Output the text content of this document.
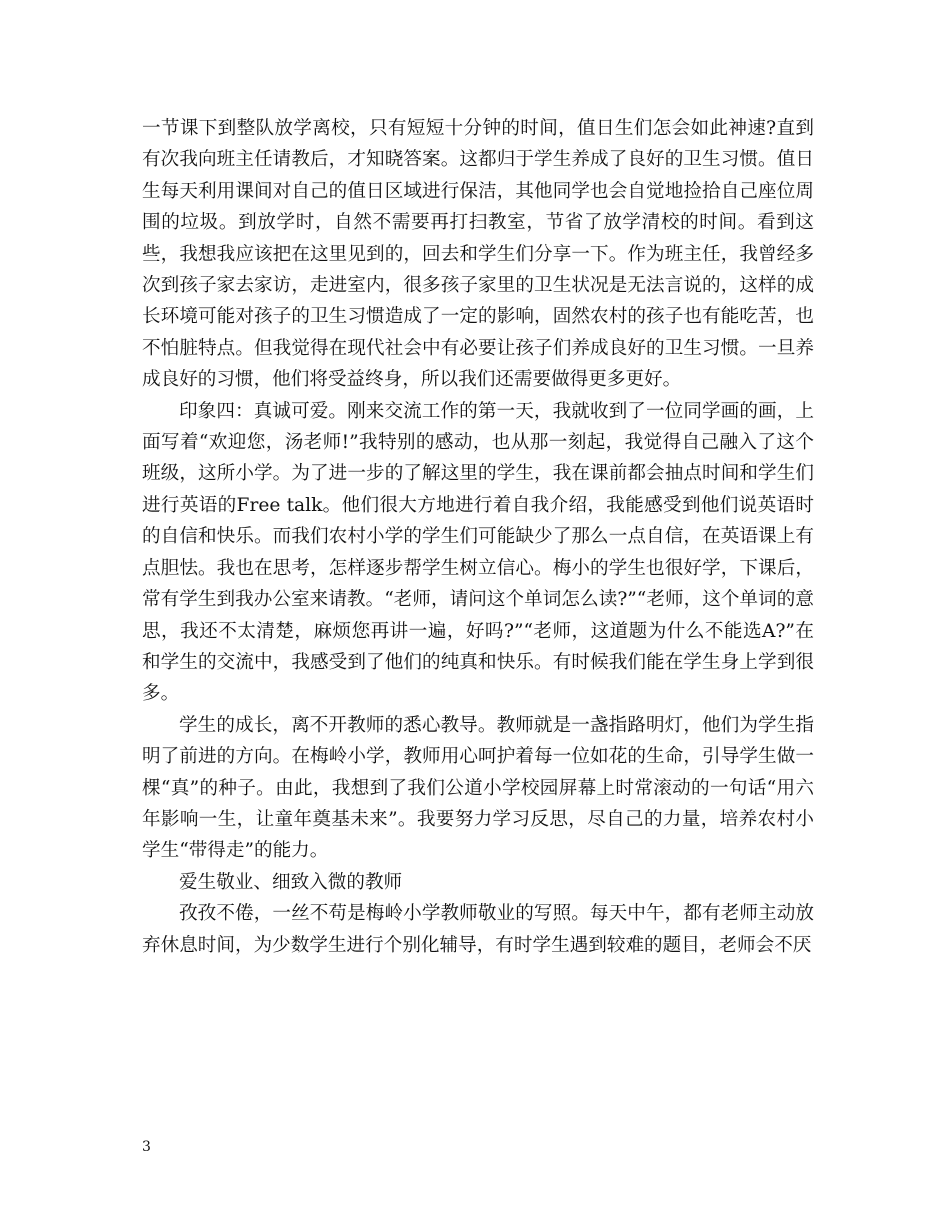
一节课下到整队放学离校，只有短短十分钟的时间，值日生们怎会如此神速?直到有次我向班主任请教后，才知晓答案。这都归于学生养成了良好的卫生习惯。值日生每天利用课间对自己的值日区域进行保洁，其他同学也会自觉地捡拾自己座位周围的垃圾。到放学时，自然不需要再打扫教室，节省了放学清校的时间。看到这些，我想我应该把在这里见到的，回去和学生们分享一下。作为班主任，我曾经多次到孩子家去家访，走进室内，很多孩子家里的卫生状况是无法言说的，这样的成长环境可能对孩子的卫生习惯造成了一定的影响，固然农村的孩子也有能吃苦，也不怕脏特点。但我觉得在现代社会中有必要让孩子们养成良好的卫生习惯。一旦养成良好的习惯，他们将受益终身，所以我们还需要做得更多更好。

印象四：真诚可爱。刚来交流工作的第一天，我就收到了一位同学画的画，上面写着“欢迎您，汤老师!”我特别的感动，也从那一刻起，我觉得自己融入了这个班级，这所小学。为了进一步的了解这里的学生，我在课前都会抽点时间和学生们进行英语的Free talk。他们很大方地进行着自我介绍，我能感受到他们说英语时的自信和快乐。而我们农村小学的学生们可能缺少了那么一点自信，在英语课上有点胆怯。我也在思考，怎样逐步帮学生树立信心。梅小的学生也很好学，下课后，常有学生到我办公室来请教。“老师，请问这个单词怎么读?”“老师，这个单词的意思，我还不太清楚，麻烦您再讲一遍，好吗?”“老师，这道题为什么不能选A?”在和学生的交流中，我感受到了他们的纯真和快乐。有时候我们能在学生身上学到很多。

学生的成长，离不开教师的悉心教导。教师就是一盏指路明灯，他们为学生指明了前进的方向。在梅岭小学，教师用心呵护着每一位如花的生命，引导学生做一棵“真”的种子。由此，我想到了我们公道小学校园屏幕上时常滚动的一句话“用六年影响一生，让童年奠基未来”。我要努力学习反思，尽自己的力量，培养农村小学生“带得走”的能力。

爱生敬业、细致入微的教师

孜孜不倦，一丝不苟是梅岭小学教师敬业的写照。每天中午，都有老师主动放弃休息时间，为少数学生进行个别化辅导，有时学生遇到较难的题目，老师会不厌

3
